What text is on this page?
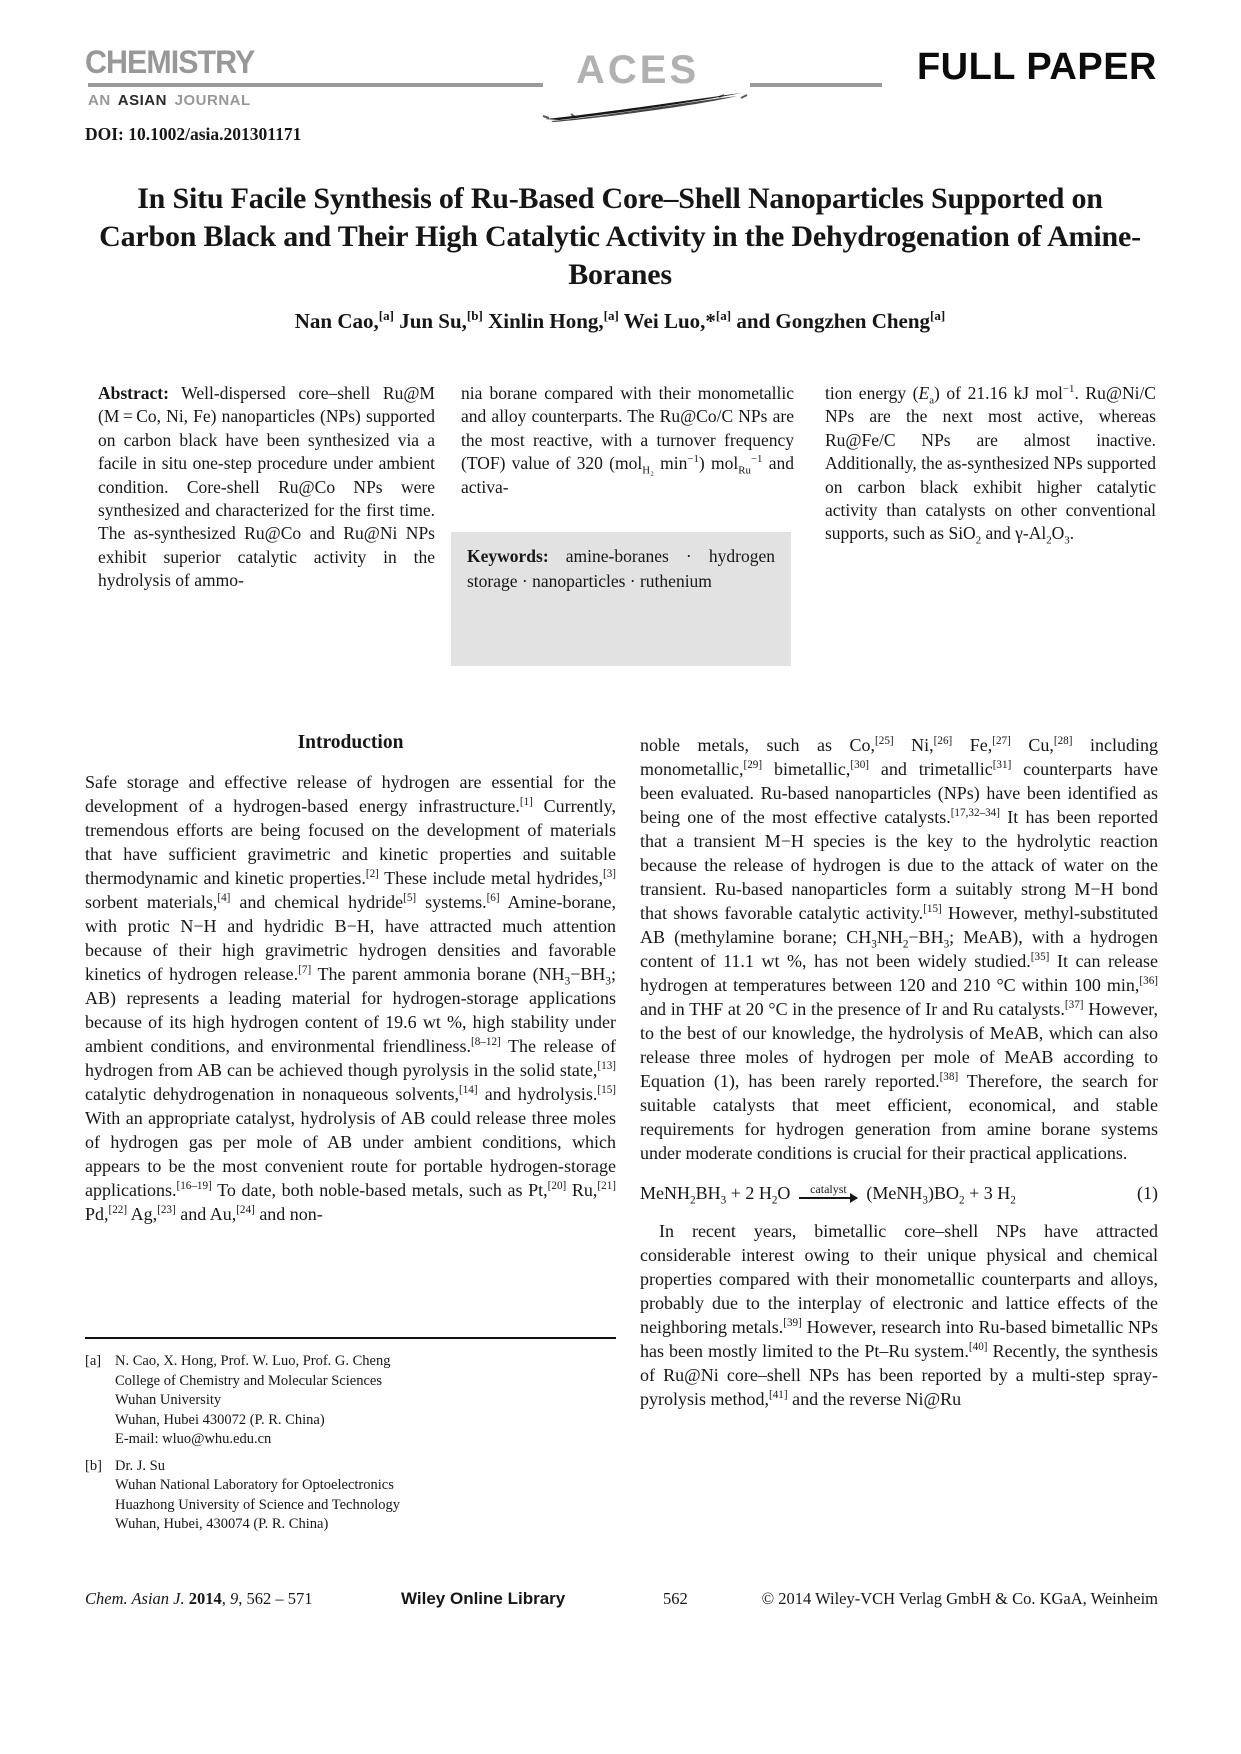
CHEMISTRY
AN ASIAN JOURNAL
ACES	FULL PAPER
DOI: 10.1002/asia.201301171
In Situ Facile Synthesis of Ru-Based Core–Shell Nanoparticles Supported on Carbon Black and Their High Catalytic Activity in the Dehydrogenation of Amine-Boranes
Nan Cao,[a] Jun Su,[b] Xinlin Hong,[a] Wei Luo,*[a] and Gongzhen Cheng[a]
Abstract: Well-dispersed core–shell Ru@M (M = Co, Ni, Fe) nanoparticles (NPs) supported on carbon black have been synthesized via a facile in situ one-step procedure under ambient condition. Core-shell Ru@Co NPs were synthesized and characterized for the first time. The as-synthesized Ru@Co and Ru@Ni NPs exhibit superior catalytic activity in the hydrolysis of ammo-
nia borane compared with their monometallic and alloy counterparts. The Ru@Co/C NPs are the most reactive, with a turnover frequency (TOF) value of 320 (mol$_{H_2}$ $\min^{-1}$) mol$_{Ru}^{-1}$ and activa-
tion energy $(E_a)$ of 21.16 kJ mol$^{-1}$. Ru@Ni/C NPs are the next most active, whereas Ru@Fe/C NPs are almost inactive. Additionally, the as-synthesized NPs supported on carbon black exhibit higher catalytic activity than catalysts on other conventional supports, such as SiO$_2$ and $\gamma-Al_2O_3$.
Keywords: amine-boranes · hydrogen storage · nanoparticles · ruthenium
Introduction

Safe storage and effective release of hydrogen are essential for the development of a hydrogen-based energy infrastructure.[1] Currently, tremendous efforts are being focused on the development of materials that have sufficient gravimetric and kinetic properties and suitable thermodynamic and kinetic properties.[2] These include metal hydrides,[3] sorbent materials,[4] and chemical hydride[5] systems.[6] Amine-borane, with protic N−H and hydridic B−H, have attracted much attention because of their high gravimetric hydrogen densities and favorable kinetics of hydrogen release.[7] The parent ammonia borane ($NH_3-BH_3$; AB) represents a leading material for hydrogen-storage applications because of its high hydrogen content of 19.6 wt %, high stability under ambient conditions, and environmental friendliness.[8–12] The release of hydrogen from AB can be achieved though pyrolysis in the solid state,[13] catalytic dehydrogenation in nonaqueous solvents,[14] and hydrolysis.[15] With an appropriate catalyst, hydrolysis of AB could release three moles of hydrogen gas per mole of AB under ambient conditions, which appears to be the most convenient route for portable hydrogen-storage applications.[16–19] To date, both noble-based metals, such as Pt,[20] Ru,[21] Pd,[22] Ag,[23] and Au,[24] and non-

noble metals, such as Co,[25] Ni,[26] Fe,[27] Cu,[28] including monometallic,[29] bimetallic,[30] and trimetallic[31] counterparts have been evaluated. Ru-based nanoparticles (NPs) have been identified as being one of the most effective catalysts.[17,32–34] It has been reported that a transient M−H species is the key to the hydrolytic reaction because the release of hydrogen is due to the attack of water on the transient. Ru-based nanoparticles form a suitably strong M−H bond that shows favorable catalytic activity.[15] However, methyl-substituted AB (methylamine borane; $CH_3NH_2-BH_3$; MeAB), with a hydrogen content of 11.1 wt %, has not been widely studied.[35] It can release hydrogen at temperatures between 120 and 210 °C within 100 min,[36] and in THF at 20 °C in the presence of Ir and Ru catalysts.[37] However, to the best of our knowledge, the hydrolysis of MeAB, which can also release three moles of hydrogen per mole of MeAB according to Equation (1), has been rarely reported.[38] Therefore, the search for suitable catalysts that meet efficient, economical, and stable requirements for hydrogen generation from amine borane systems under moderate conditions is crucial for their practical applications.

$MeNH_2BH_3 + 2$ $H_2O$ catalyst $(MeNH_3)BO_2 + 3$ $H_2$	(1)

In recent years, bimetallic core–shell NPs have attracted considerable interest owing to their unique physical and chemical properties compared with their monometallic counterparts and alloys, probably due to the interplay of electronic and lattice effects of the neighboring metals.[39] However, research into Ru-based bimetallic NPs has been mostly limited to the Pt–Ru system.[40] Recently, the synthesis of Ru@Ni core–shell NPs has been reported by a multi-step spray-pyrolysis method,[41] and the reverse Ni@Ru

[a] N. Cao, X. Hong, Prof. W. Luo, Prof. G. Cheng
College of Chemistry and Molecular Sciences
Wuhan University
Wuhan, Hubei 430072 (P. R. China)
E-mail: wluo@whu.edu.cn
[b] Dr. J. Su
Wuhan National Laboratory for Optoelectronics
Huazhong University of Science and Technology
Wuhan, Hubei, 430074 (P. R. China)
Chem. Asian J. 2014, 9, 562 – 571	Wiley Online Library	562	© 2014 Wiley-VCH Verlag GmbH & Co. KGaA, Weinheim
